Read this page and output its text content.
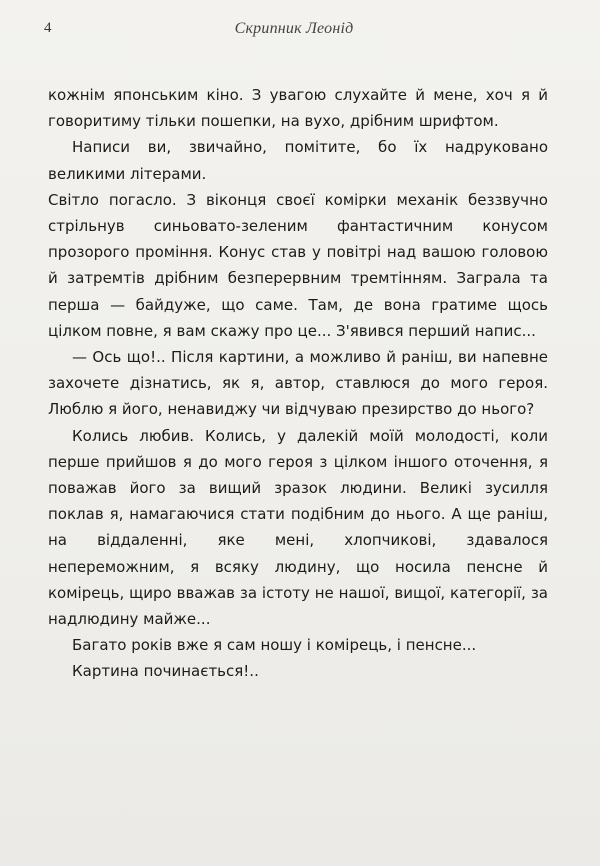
4	Скрипник Леонід

кожнім японським кіно. З увагою слухайте й мене, хоч я й говоритиму тільки пошепки, на вухо, дрібним шрифтом.

Написи ви, звичайно, помітите, бо їх надруковано великими літерами.

Світло погасло. З віконця своєї комірки механік беззвучно стрільнув синьовато-зеленим фантастичним конусом прозорого проміння. Конус став у повітрі над вашою головою й затремтів дрібним безперервним тремтінням. Заграла та перша — байдуже, що саме. Там, де вона гратиме щось цілком повне, я вам скажу про це... З'явився перший напис...

— Ось що!.. Після картини, а можливо й раніш, ви напевне захочете дізнатись, як я, автор, ставлюся до мого героя. Люблю я його, ненавиджу чи відчуваю презирство до нього?

Колись любив. Колись, у далекій моїй молодості, коли перше прийшов я до мого героя з цілком іншого оточення, я поважав його за вищий зразок людини. Великі зусилля поклав я, намагаючися стати подібним до нього. А ще раніш, на віддаленні, яке мені, хлопчикові, здавалося непереможним, я всяку людину, що носила пенсне й комірець, щиро вважав за істоту не нашої, вищої, категорії, за надлюдину майже...

Багато років вже я сам ношу і комірець, і пенсне...

Картина починається!..
